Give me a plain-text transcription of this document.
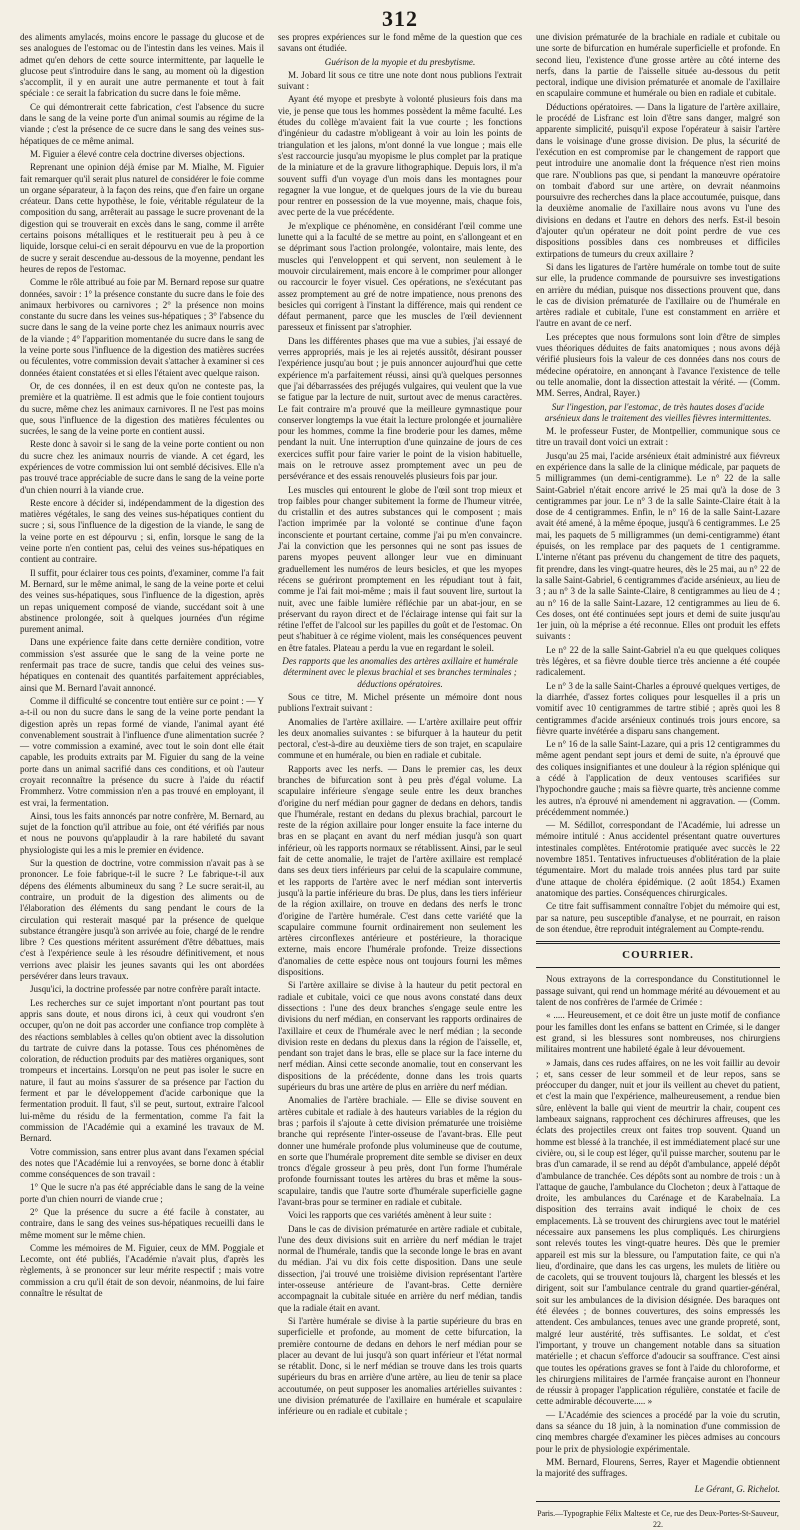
312

des aliments amylacés, moins encore le passage du glucose et de ses analogues de l'estomac ou de l'intestin dans les veines. Mais il admet qu'en dehors de cette source intermittente, par laquelle le glucose peut s'introduire dans le sang, au moment où la digestion s'accomplit, il y en aurait une autre permanente et tout à fait spéciale : ce serait la fabrication du sucre dans le foie même.

Ce qui démontrerait cette fabrication, c'est l'absence du sucre dans le sang de la veine porte d'un animal soumis au régime de la viande ; c'est la présence de ce sucre dans le sang des veines sus-hépatiques de ce même animal.

M. Figuier a élevé contre cela doctrine diverses objections.

Reprenant une opinion déjà émise par M. Mialhe, M. Figuier fait remarquer qu'il serait plus naturel de considérer le foie comme un organe séparateur, à la façon des reins, que d'en faire un organe créateur. Dans cette hypothèse, le foie, véritable régulateur de la composition du sang, arrêterait au passage le sucre provenant de la digestion qui se trouverait en excès dans le sang, comme il arrête certains poisons métalliques et le restituerait peu à peu à ce liquide, lorsque celui-ci en serait dépourvu en vue de la proportion de sucre y serait descendue au-dessous de la moyenne, pendant les heures de repos de l'estomac.

Comme le rôle attribué au foie par M. Bernard repose sur quatre données, savoir : 1° la présence constante du sucre dans le foie des animaux herbivores ou carnivores ; 2° la présence non moins constante du sucre dans les veines sus-hépatiques ; 3° l'absence du sucre dans le sang de la veine porte chez les animaux nourris avec de la viande ; 4° l'apparition momentanée du sucre dans le sang de la veine porte sous l'influence de la digestion des matières sucrées ou féculentes, votre commission devait s'attacher à examiner si ces données étaient constatées et si elles l'étaient avec quelque raison.

Or, de ces données, il en est deux qu'on ne conteste pas, la première et la quatrième. Il est admis que le foie contient toujours du sucre, même chez les animaux carnivores. Il ne l'est pas moins que, sous l'influence de la digestion des matières féculentes ou sucrées, le sang de la veine porte en contient aussi.

Reste donc à savoir si le sang de la veine porte contient ou non du sucre chez les animaux nourris de viande. A cet égard, les expériences de votre commission lui ont semblé décisives. Elle n'a pas trouvé trace appréciable de sucre dans le sang de la veine porte d'un chien nourri à la viande crue.

Reste encore à décider si, indépendamment de la digestion des matières végétales, le sang des veines sus-hépatiques contient du sucre ; si, sous l'influence de la digestion de la viande, le sang de la veine porte en est dépourvu ; si, enfin, lorsque le sang de la veine porte n'en contient pas, celui des veines sus-hépatiques en contient au contraire.

Il suffit, pour éclairer tous ces points, d'examiner, comme l'a fait M. Bernard, sur le même animal, le sang de la veine porte et celui des veines sus-hépatiques, sous l'influence de la digestion, après un repas uniquement composé de viande, succédant soit à une abstinence prolongée, soit à quelques journées d'un régime purement animal.

Dans une expérience faite dans cette dernière condition, votre commission s'est assurée que le sang de la veine porte ne renfermait pas trace de sucre, tandis que celui des veines sus-hépatiques en contenait des quantités parfaitement appréciables, ainsi que M. Bernard l'avait annoncé.

Comme il difficulté se concentre tout entière sur ce point : — Y a-t-il ou non du sucre dans le sang de la veine porte pendant la digestion après un repas formé de viande, l'animal ayant été convenablement soustrait à l'influence d'une alimentation sucrée ? — votre commission a examiné, avec tout le soin dont elle était capable, les produits extraits par M. Figuier du sang de la veine porte dans un animal sacrifié dans ces conditions, et où l'auteur croyait reconnaître la présence du sucre à l'aide du réactif Frommherz. Votre commission n'en a pas trouvé en employant, il est vrai, la fermentation.

Ainsi, tous les faits annoncés par notre confrère, M. Bernard, au sujet de la fonction qu'il attribue au foie, ont été vérifiés par nous et nous ne pouvons qu'applaudir à la rare habileté du savant physiologiste qui les a mis le premier en évidence.

Sur la question de doctrine, votre commission n'avait pas à se prononcer. Le foie fabrique-t-il le sucre ? Le fabrique-t-il aux dépens des éléments albumineux du sang ? Le sucre serait-il, au contraire, un produit de la digestion des aliments ou de l'élaboration des éléments du sang pendant le cours de la circulation qui resterait masqué par la présence de quelque substance étrangère jusqu'à son arrivée au foie, chargé de le rendre libre ? Ces questions méritent assurément d'être débattues, mais c'est à l'expérience seule à les résoudre définitivement, et nous verrions avec plaisir les jeunes savants qui les ont abordées persévérer dans leurs travaux.

Jusqu'ici, la doctrine professée par notre confrère paraît intacte.

Les recherches sur ce sujet important n'ont pourtant pas tout appris sans doute, et nous dirons ici, à ceux qui voudront s'en occuper, qu'on ne doit pas accorder une confiance trop complète à des réactions semblables à celles qu'on obtient avec la dissolution du tartrate de cuivre dans la potasse. Tous ces phénomènes de coloration, de réduction produits par des matières organiques, sont trompeurs et incertains. Lorsqu'on ne peut pas isoler le sucre en nature, il faut au moins s'assurer de sa présence par l'action du ferment et par le développement d'acide carbonique que la fermentation produit. Il faut, s'il se peut, surtout, extraire l'alcool lui-même du résidu de la fermentation, comme l'a fait la commission de l'Académie qui a examiné les travaux de M. Bernard.

Votre commission, sans entrer plus avant dans l'examen spécial des notes que l'Académie lui a renvoyées, se borne donc à établir comme conséquences de son travail :

1° Que le sucre n'a pas été appréciable dans le sang de la veine porte d'un chien nourri de viande crue ;

2° Que la présence du sucre a été facile à constater, au contraire, dans le sang des veines sus-hépatiques recueilli dans le même moment sur le même chien.

Comme les mémoires de M. Figuier, ceux de MM. Poggiale et Lecomte, ont été publiés, l'Académie n'avait plus, d'après les règlements, à se prononcer sur leur mérite respectif ; mais votre commission a cru qu'il était de son devoir, néanmoins, de lui faire connaître le résultat de

ses propres expériences sur le fond même de la question que ces savans ont étudiée.

Guérison de la myopie et du presbytisme.

M. Jobard lit sous ce titre une note dont nous publions l'extrait suivant :

Ayant été myope et presbyte à volonté plusieurs fois dans ma vie, je pense que tous les hommes possèdent la même faculté. Les études du collège m'avaient fait la vue courte ; les fonctions d'ingénieur du cadastre m'obligeant à voir au loin les points de triangulation et les jalons, m'ont donné la vue longue ; mais elle s'est raccourcie jusqu'au myopisme le plus complet par la pratique de la miniature et de la gravure lithographique. Depuis lors, il m'a souvent suffi d'un voyage d'un mois dans les montagnes pour regagner la vue longue, et de quelques jours de la vie du bureau pour rentrer en possession de la vue moyenne, mais, chaque fois, avec perte de la vue précédente.

Je m'explique ce phénomène, en considérant l'œil comme une lunette qui a la faculté de se mettre au point, en s'allongeant et en se déprimant sous l'action prolongée, volontaire, mais lente, des muscles qui l'enveloppent et qui servent, non seulement à le mouvoir circulairement, mais encore à le comprimer pour allonger ou raccourcir le foyer visuel. Ces opérations, ne s'exécutant pas assez promptement au gré de notre impatience, nous prenons des besicles qui corrigent à l'instant la différence, mais qui rendent ce défaut permanent, parce que les muscles de l'œil deviennent paresseux et finissent par s'atrophier.

Dans les différentes phases que ma vue a subies, j'ai essayé de verres appropriés, mais je les ai rejetés aussitôt, désirant pousser l'expérience jusqu'au bout ; je puis annoncer aujourd'hui que cette expérience m'a parfaitement réussi, ainsi qu'à quelques personnes que j'ai débarrassées des préjugés vulgaires, qui veulent que la vue se fatigue par la lecture de nuit, surtout avec de menus caractères. Le fait contraire m'a prouvé que la meilleure gymnastique pour conserver longtemps la vue était la lecture prolongée et journalière pour les hommes, comme la fine broderie pour les dames, même pendant la nuit. Une interruption d'une quinzaine de jours de ces exercices suffit pour faire varier le point de la vision habituelle, mais on le retrouve assez promptement avec un peu de persévérance et des essais renouvelés plusieurs fois par jour.

Les muscles qui entourent le globe de l'œil sont trop mieux et trop faibles pour changer subitement la forme de l'humeur vitrée, du cristallin et des autres substances qui le composent ; mais l'action imprimée par la volonté se continue d'une façon inconsciente et pourtant certaine, comme j'ai pu m'en convaincre. J'ai la conviction que les personnes qui ne sont pas issues de parens myopes peuvent allonger leur vue en diminuant graduellement les numéros de leurs besicles, et que les myopes récens se guériront promptement en les répudiant tout à fait, comme je l'ai fait moi-même ; mais il faut souvent lire, surtout la nuit, avec une faible lumière réfléchie par un abat-jour, en se préservant du rayon direct et de l'éclairage intense qui fait sur la rétine l'effet de l'alcool sur les papilles du goût et de l'estomac. On peut s'habituer à ce régime violent, mais les conséquences peuvent en être fatales. Plateau a perdu la vue en regardant le soleil.

Des rapports que les anomalies des artères axillaire et humérale déterminent avec le plexus brachial et ses branches terminales ; déductions opératoires.

Sous ce titre, M. Michel présente un mémoire dont nous publions l'extrait suivant :

Anomalies de l'artère axillaire. — L'artère axillaire peut offrir les deux anomalies suivantes : se bifurquer à la hauteur du petit pectoral, c'est-à-dire au deuxième tiers de son trajet, en scapulaire commune et en humérale, ou bien en radiale et cubitale.

Rapports avec les nerfs. — Dans le premier cas, les deux branches de bifurcation sont à peu près d'égal volume. La scapulaire inférieure s'engage seule entre les deux branches d'origine du nerf médian pour gagner de dedans en dehors, tandis que l'humérale, restant en dedans du plexus brachial, parcourt le reste de la région axillaire pour longer ensuite la face interne du bras en se plaçant en avant du nerf médian jusqu'à son quart inférieur, où les rapports normaux se rétablissent. Ainsi, par le seul fait de cette anomalie, le trajet de l'artère axillaire est remplacé dans ses deux tiers inférieurs par celui de la scapulaire commune, et les rapports de l'artère avec le nerf médian sont intervertis jusqu'à la partie inférieure du bras. De plus, dans les tiers inférieur de la région axillaire, on trouve en dedans des nerfs le tronc d'origine de l'artère humérale. C'est dans cette variété que la scapulaire commune fournit ordinairement non seulement les artères circonflexes antérieure et postérieure, la thoracique externe, mais encore l'humérale profonde. Treize dissections d'anomalies de cette espèce nous ont toujours fourni les mêmes dispositions.

Si l'artère axillaire se divise à la hauteur du petit pectoral en radiale et cubitale, voici ce que nous avons constaté dans deux dissections : l'une des deux branches s'engage seule entre les divisions du nerf médian, en conservant les rapports ordinaires de l'axillaire et ceux de l'humérale avec le nerf médian ; la seconde division reste en dedans du plexus dans la région de l'aisselle, et, pendant son trajet dans le bras, elle se place sur la face interne du nerf médian. Ainsi cette seconde anomalie, tout en conservant les dispositions de la précédente, donne dans les trois quarts supérieurs du bras une artère de plus en arrière du nerf médian.

Anomalies de l'artère brachiale. — Elle se divise souvent en artères cubitale et radiale à des hauteurs variables de la région du bras ; parfois il s'ajoute à cette division prématurée une troisième branche qui représente l'inter-osseuse de l'avant-bras. Elle peut donner une humérale profonde plus volumineuse que de coutume, en sorte que l'humérale proprement dite semble se diviser en deux troncs d'égale grosseur à peu près, dont l'un forme l'humérale profonde fournissant toutes les artères du bras et même la sous-scapulaire, tandis que l'autre sorte d'humérale superficielle gagne l'avant-bras pour se terminer en radiale et cubitale.

Voici les rapports que ces variétés amènent à leur suite :

Dans le cas de division prématurée en artère radiale et cubitale, l'une des deux divisions suit en arrière du nerf médian le trajet normal de l'humérale, tandis que la seconde longe le bras en avant du médian. J'ai vu dix fois cette disposition. Dans une seule dissection, j'ai trouvé une troisième division représentant l'artère inter-osseuse antérieure de l'avant-bras. Cette dernière accompagnait la cubitale située en arrière du nerf médian, tandis que la radiale était en avant.

Si l'artère humérale se divise à la partie supérieure du bras en superficielle et profonde, au moment de cette bifurcation, la première contourne de dedans en dehors le nerf médian pour se placer au devant de lui jusqu'à son quart inférieur et l'état normal se rétablit. Donc, si le nerf médian se trouve dans les trois quarts supérieurs du bras en arrière d'une artère, au lieu de tenir sa place accoutumée, on peut supposer les anomalies artérielles suivantes : une division prématurée de l'axillaire en humérale et scapulaire inférieure ou en radiale et cubitale ;

une division prématurée de la brachiale en radiale et cubitale ou une sorte de bifurcation en humérale superficielle et profonde. En second lieu, l'existence d'une grosse artère au côté interne des nerfs, dans la partie de l'aisselle située au-dessous du petit pectoral, indique une division prématurée et anomale de l'axillaire en scapulaire commune et humérale ou bien en radiale et cubitale.

Déductions opératoires. — Dans la ligature de l'artère axillaire, le procédé de Lisfranc est loin d'être sans danger, malgré son apparente simplicité, puisqu'il expose l'opérateur à saisir l'artère dans le voisinage d'une grosse division. De plus, la sécurité de l'exécution en est compromise par le changement de rapport que peut introduire une anomalie dont la fréquence n'est rien moins que rare. N'oublions pas que, si pendant la manœuvre opératoire on tombait d'abord sur une artère, on devrait néanmoins poursuivre des recherches dans la place accoutumée, puisque, dans la deuxième anomalie de l'axillaire nous avons vu l'une des divisions en dedans et l'autre en dehors des nerfs. Est-il besoin d'ajouter qu'un opérateur ne doit point perdre de vue ces dispositions possibles dans ces nombreuses et difficiles extirpations de tumeurs du creux axillaire ?

Si dans les ligatures de l'artère humérale on tombe tout de suite sur elle, la prudence commande de poursuivre ses investigations en arrière du médian, puisque nos dissections prouvent que, dans le cas de division prématurée de l'axillaire ou de l'humérale en artères radiale et cubitale, l'une est constamment en arrière et l'autre en avant de ce nerf.

Les préceptes que nous formulons sont loin d'être de simples vues théoriques déduites de faits anatomiques ; nous avons déjà vérifié plusieurs fois la valeur de ces données dans nos cours de médecine opératoire, en annonçant à l'avance l'existence de telle ou telle anomalie, dont la dissection attestait la vérité. — (Comm. MM. Serres, Andral, Rayer.)

Sur l'ingestion, par l'estomac, de très hautes doses d'acide arsénieux dans le traitement des vieilles fièvres intermittentes.

M. le professeur Fuster, de Montpellier, communique sous ce titre un travail dont voici un extrait :

Jusqu'au 25 mai, l'acide arsénieux était administré aux fiévreux en expérience dans la salle de la clinique médicale, par paquets de 5 milligrammes (un demi-centigramme). Le n° 22 de la salle Saint-Gabriel n'était encore arrivé le 25 mai qu'à la dose de 3 centigrammes par jour. Le n° 3 de la salle Sainte-Claire était à la dose de 4 centigrammes. Enfin, le n° 16 de la salle Saint-Lazare avait été amené, à la même époque, jusqu'à 6 centigrammes. Le 25 mai, les paquets de 5 milligrammes (un demi-centigramme) étant épuisés, on les remplace par des paquets de 1 centigramme. L'interne n'étant pas prévenu du changement de titre des paquets, fit prendre, dans les vingt-quatre heures, dès le 25 mai, au n° 22 de la salle Saint-Gabriel, 6 centigrammes d'acide arsénieux, au lieu de 3 ; au n° 3 de la salle Sainte-Claire, 8 centigrammes au lieu de 4 ; au n° 16 de la salle Saint-Lazare, 12 centigrammes au lieu de 6. Ces doses, ont été continuées sept jours et demi de suite jusqu'au 1er juin, où la méprise a été reconnue. Elles ont produit les effets suivants :

Le n° 22 de la salle Saint-Gabriel n'a eu que quelques coliques très légères, et sa fièvre double tierce très ancienne a été coupée radicalement.

Le n° 3 de la salle Saint-Charles a éprouvé quelques vertiges, de la diarrhée, d'assez fortes coliques pour lesquelles il a pris un vomitif avec 10 centigrammes de tartre stibié ; après quoi les 8 centigrammes d'acide arsénieux continués trois jours encore, sa fièvre quarte invétérée a disparu sans changement.

Le n° 16 de la salle Saint-Lazare, qui a pris 12 centigrammes du même agent pendant sept jours et demi de suite, n'a éprouvé que des coliques insignifiantes et une douleur à la région splénique qui a cédé à l'application de deux ventouses scarifiées sur l'hypochondre gauche ; mais sa fièvre quarte, très ancienne comme les autres, n'a éprouvé ni amendement ni aggravation. — (Comm. précédemment nommée.)

— M. Sédillot, correspondant de l'Académie, lui adresse un mémoire intitulé : Anus accidentel présentant quatre ouvertures intestinales complètes. Entérotomie pratiquée avec succès le 22 novembre 1851. Tentatives infructueuses d'oblitération de la plaie tégumentaire. Mort du malade trois années plus tard par suite d'une attaque de choléra épidémique. (2 août 1854.) Examen anatomique des parties. Conséquences chirurgicales.

Ce titre fait suffisamment connaître l'objet du mémoire qui est, par sa nature, peu susceptible d'analyse, et ne pourrait, en raison de son étendue, être reproduit intégralement au Compte-rendu.

COURRIER.

Nous extrayons de la correspondance du Constitutionnel le passage suivant, qui rend un hommage mérité au dévouement et au talent de nos confrères de l'armée de Crimée :

« ..... Heureusement, et ce doit être un juste motif de confiance pour les familles dont les enfans se battent en Crimée, si le danger est grand, si les blessures sont nombreuses, nos chirurgiens militaires montrent une habileté égale à leur dévouement.

» Jamais, dans ces rudes affaires, on ne les voit faillir au devoir ; et, sans cesser de leur sommeil et de leur repos, sans se préoccuper du danger, nuit et jour ils veillent au chevet du patient, et c'est la main que l'expérience, malheureusement, a rendue bien sûre, enlèvent la balle qui vient de meurtrir la chair, coupent ces lambeaux saignans, rapprochent ces déchirures affreuses, que les éclats des projectiles creux ont faites trop souvent. Quand un homme est blessé à la tranchée, il est immédiatement placé sur une civière, ou, si le coup est léger, qu'il puisse marcher, soutenu par le bras d'un camarade, il se rend au dépôt d'ambulance, appelé dépôt d'ambulance de tranchée. Ces dépôts sont au nombre de trois : un à l'attaque de gauche, l'ambulance du Clocheton ; deux à l'attaque de droite, les ambulances du Carénage et de Karabelnaïa. La disposition des terrains avait indiqué le choix de ces emplacements. Là se trouvent des chirurgiens avec tout le matériel nécessaire aux pansemens les plus compliqués. Les chirurgiens sont relevés toutes les vingt-quatre heures. Dès que le premier appareil est mis sur la blessure, ou l'amputation faite, ce qui n'a lieu, d'ordinaire, que dans les cas urgens, les mulets de litière ou de cacolets, qui se trouvent toujours là, chargent les blessés et les dirigent, soit sur l'ambulance centrale du grand quartier-général, soit sur les ambulances de la division désignée. Des baraques ont été élevées ; de bonnes couvertures, des soins empressés les attendent. Ces ambulances, tenues avec une grande propreté, sont, malgré leur austérité, très suffisantes. Le soldat, et c'est l'important, y trouve un changement notable dans sa situation matérielle ; et chacun s'efforce d'adoucir sa souffrance. C'est ainsi que toutes les opérations graves se font à l'aide du chloroforme, et les chirurgiens militaires de l'armée française auront en l'honneur de réussir à propager l'application régulière, constatée et facile de cette admirable découverte..... »

— L'Académie des sciences a procédé par la voie du scrutin, dans sa séance du 18 juin, à la nomination d'une commission de cinq membres chargée d'examiner les pièces admises au concours pour le prix de physiologie expérimentale.

MM. Bernard, Flourens, Serres, Rayer et Magendie obtiennent la majorité des suffrages.

Le Gérant, G. Richelot.
Paris.—Typographie Félix Malteste et Ce, rue des Deux-Portes-St-Sauveur, 22.
